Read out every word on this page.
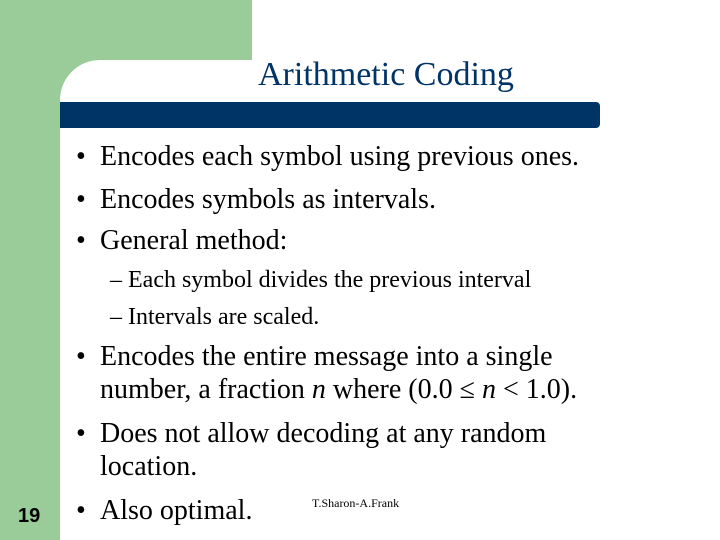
Arithmetic Coding
• Encodes each symbol using previous ones.
• Encodes symbols as intervals.
• General method:
– Each symbol divides the previous interval
– Intervals are scaled.
• Encodes the entire message into a single
number, a fraction n where (0.0 ≤ n < 1.0).
• Does not allow decoding at any random
location.
• Also optimal.	T.Sharon-A.Frank
19
